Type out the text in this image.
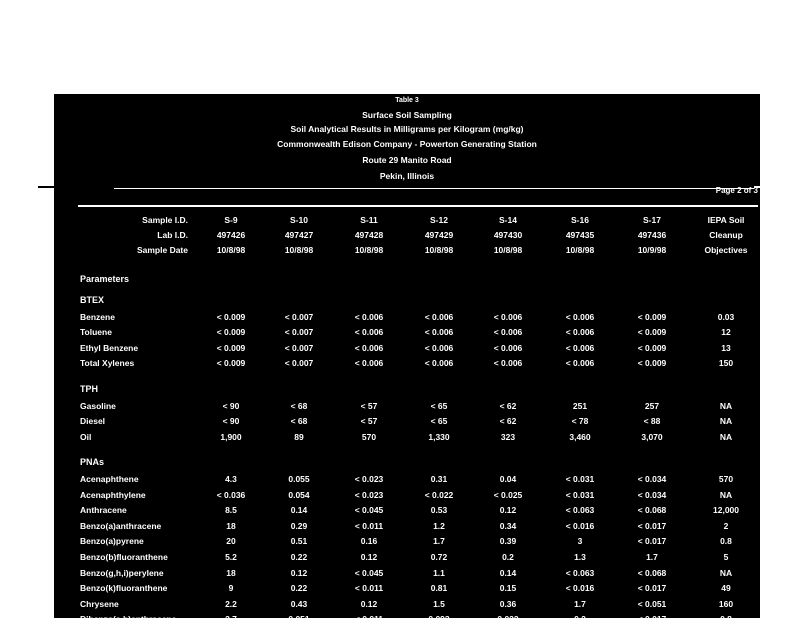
Table 3
Surface Soil Sampling
Soil Analytical Results in Milligrams per Kilogram (mg/kg)
Commonwealth Edison Company - Powerton Generating Station
Route 29 Manito Road
Pekin, Illinois
Page 2 of 3
Sample I.D.	S-9	S-10	S-11	S-12	S-14	S-16	S-17	IEPA Soil
Lab I.D.	497426	497427	497428	497429	497430	497435	497436	Cleanup
Sample Date	10/8/98	10/8/98	10/8/98	10/8/98	10/8/98	10/8/98	10/9/98	Objectives
Parameters
BTEX
Benzene	< 0.009	< 0.007	< 0.006	< 0.006	< 0.006	< 0.006	< 0.009	0.03
Toluene	< 0.009	< 0.007	< 0.006	< 0.006	< 0.006	< 0.006	< 0.009	12
Ethyl Benzene	< 0.009	< 0.007	< 0.006	< 0.006	< 0.006	< 0.006	< 0.009	13
Total Xylenes	< 0.009	< 0.007	< 0.006	< 0.006	< 0.006	< 0.006	< 0.009	150
TPH
Gasoline	< 90	< 68	< 57	< 65	< 62	251	257	NA
Diesel	< 90	< 68	< 57	< 65	< 62	< 78	< 88	NA
Oil	1,900	89	570	1,330	323	3,460	3,070	NA
PNAs
Acenaphthene	4.3	0.055	< 0.023	0.31	0.04	< 0.031	< 0.034	570
Acenaphthylene	< 0.036	0.054	< 0.023	< 0.022	< 0.025	< 0.031	< 0.034	NA
Anthracene	8.5	0.14	< 0.045	0.53	0.12	< 0.063	< 0.068	12,000
Benzo(a)anthracene	18	0.29	< 0.011	1.2	0.34	< 0.016	< 0.017	2
Benzo(a)pyrene	20	0.51	0.16	1.7	0.39	3	< 0.017	0.8
Benzo(b)fluoranthene	5.2	0.22	0.12	0.72	0.2	1.3	1.7	5
Benzo(g,h,i)perylene	18	0.12	< 0.045	1.1	0.14	< 0.063	< 0.068	NA
Benzo(k)fluoranthene	9	0.22	< 0.011	0.81	0.15	< 0.016	< 0.017	49
Chrysene	2.2	0.43	0.12	1.5	0.36	1.7	< 0.051	160
Dibenzo(a,h)anthracene	2.7	0.051	< 0.011	0.093	0.022	0.2	< 0.017	0.8
